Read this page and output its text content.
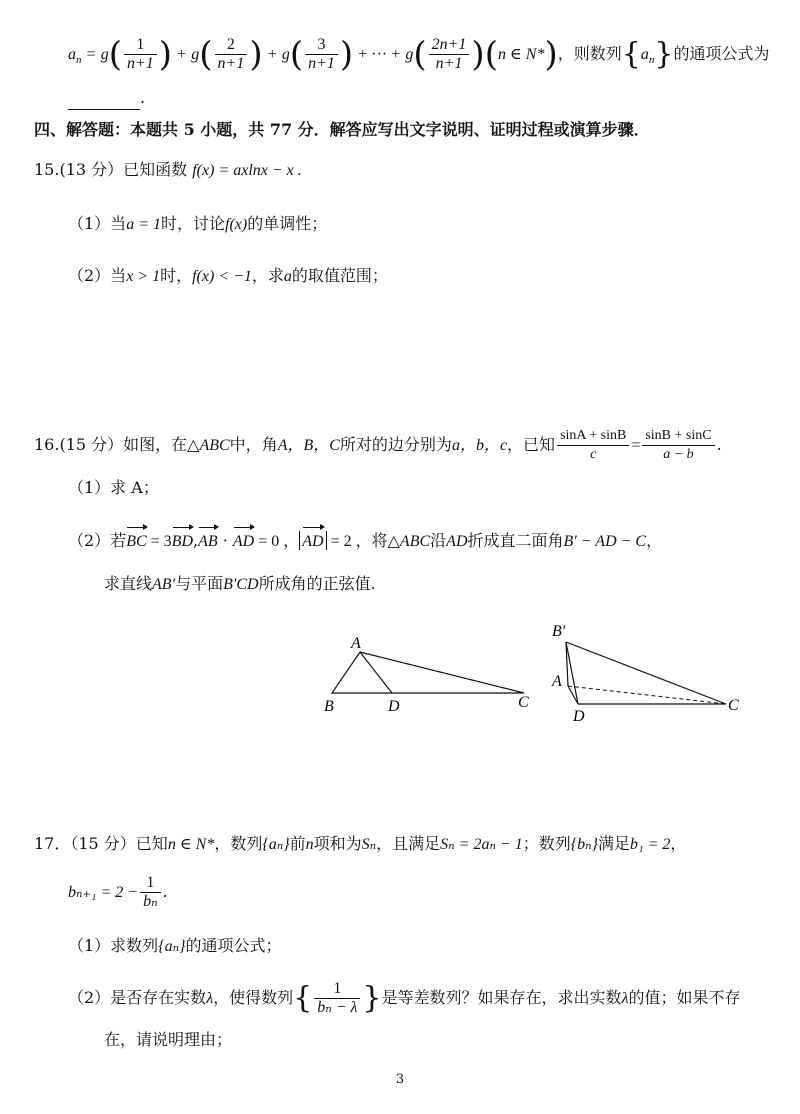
$a_n = g( \frac{1}{n+1}$ ) + $g( \frac{2}{n+1}$ ) + $g( \frac{3}{n+1}$ ) + ··· + $g( \frac{2n+1}{n+1} )(n$ ∈ N*)，则数列$\{a_n\}$的通项公式为
.
四、解答题：本题共 5 小题，共 77 分．解答应写出文字说明、证明过程或演算步骤．
15.(13 分）已知函数 f(x) = axlnx − x .
（1）当a = 1时，讨论f(x)的单调性；
（2）当x > 1时，f(x) < −1，求a的取值范围；
16.(15 分）如图，在△ABC中，角A，B，C所对的边分别为a，b，c，已知 $\frac{\sin A + \sin B}{c} = \frac{\sin B + \sin C}{a - b}$ .
（1）求 A；
（2）若BC = 3BD,AB · AD = 0 ， AD = 2 ，将△ABC沿AD折成直二面角B′ − AD − C，
求直线AB′与平面B′CD所成角的正弦值.
A
B	D	C
B′
A
D
C
17．（15 分）已知n ∈ N*，数列{aₙ}前n项和为Sₙ，且满足Sₙ = 2aₙ − 1；数列{bₙ}满足b₁ = 2，
$b_{n+1} = 2 - \frac{1}{\text{bₙ}}$ .
（1）求数列{aₙ}的通项公式；
（2）是否存在实数λ，使得数列{ $\frac{1}{\text{bₙ − λ}}$ }是等差数列？如果存在，求出实数λ的值；如果不存
在，请说明理由；
3
